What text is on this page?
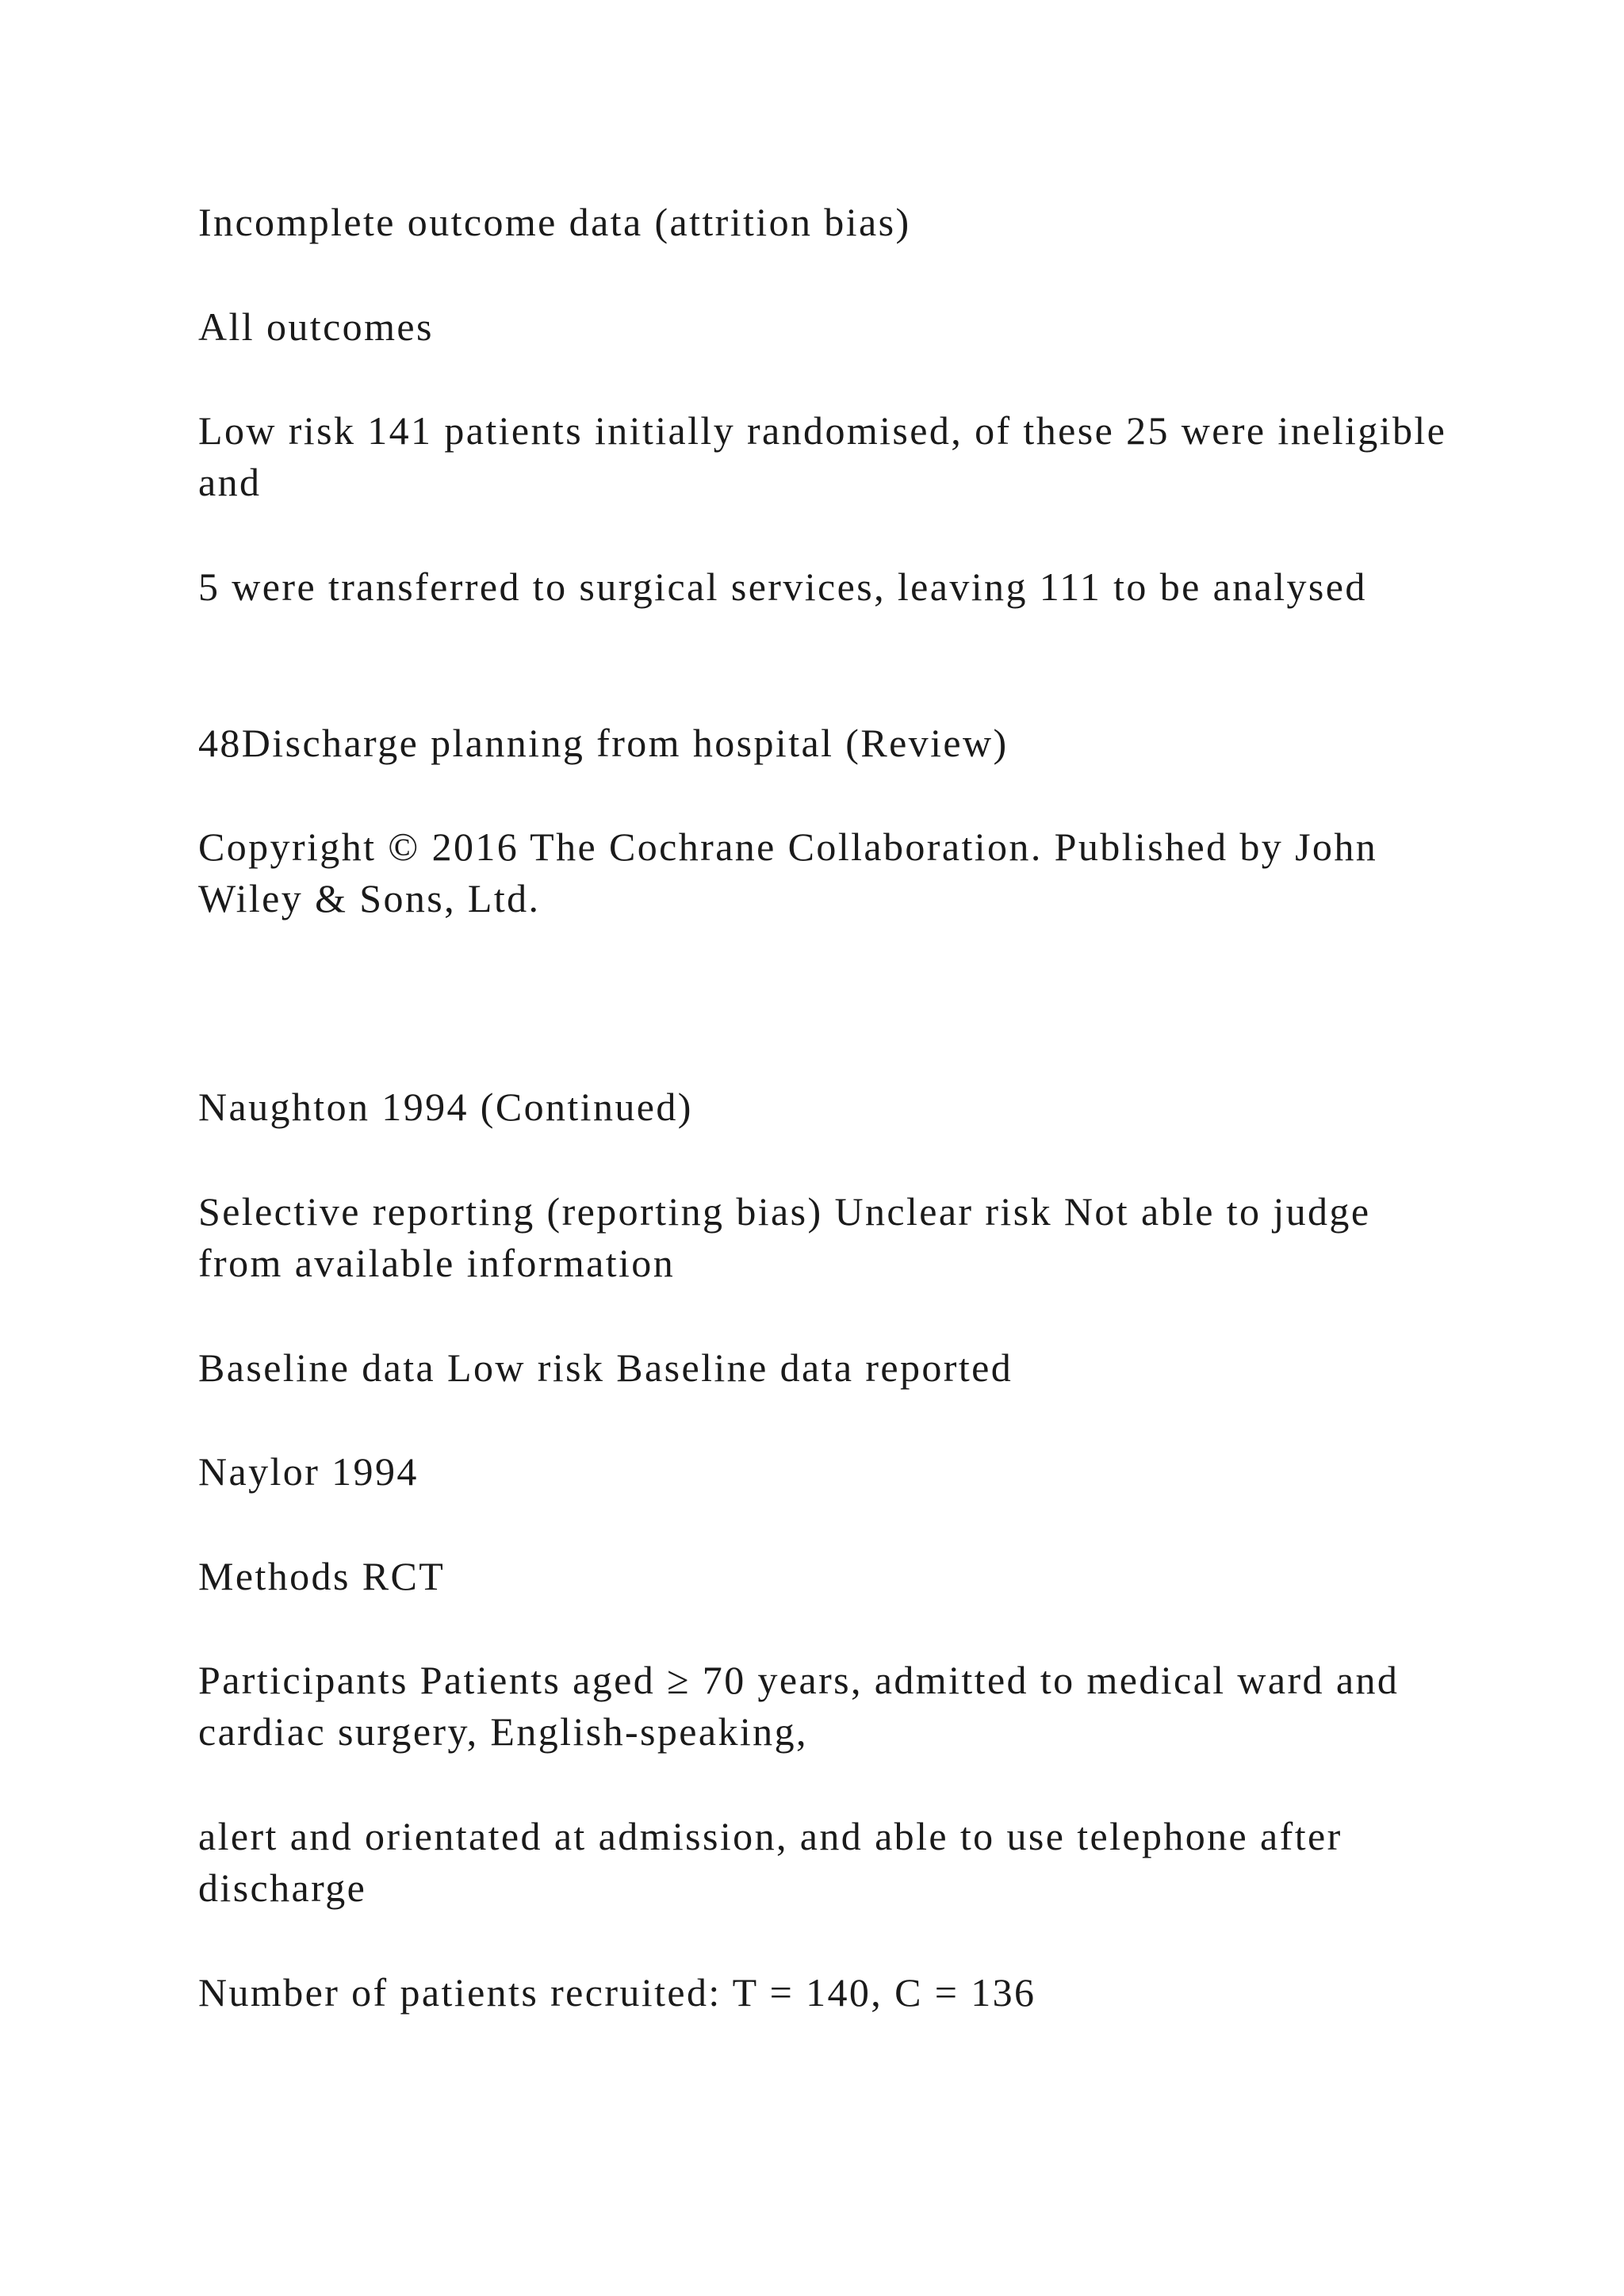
Incomplete outcome data (attrition bias)

All outcomes

Low risk 141 patients initially randomised, of these 25 were ineligible and

5 were transferred to surgical services, leaving 111 to be analysed

48Discharge planning from hospital (Review)

Copyright © 2016 The Cochrane Collaboration. Published by John Wiley & Sons, Ltd.

Naughton 1994 (Continued)

Selective reporting (reporting bias) Unclear risk Not able to judge from available information

Baseline data Low risk Baseline data reported

Naylor 1994

Methods RCT

Participants Patients aged ≥ 70 years, admitted to medical ward and cardiac surgery, English-speaking,

alert and orientated at admission, and able to use telephone after discharge

Number of patients recruited: T = 140, C = 136
